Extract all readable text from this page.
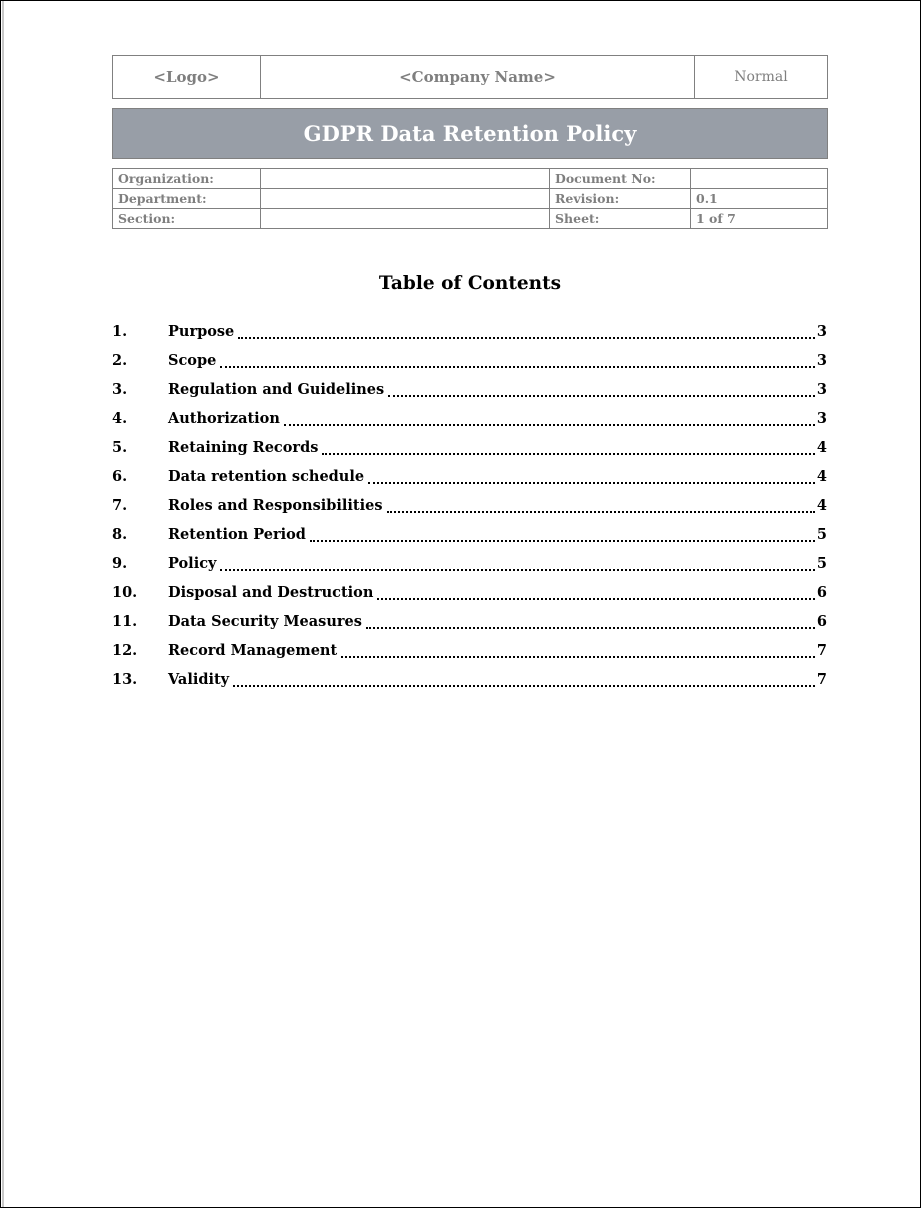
<Logo>	<Company Name>	Normal
GDPR Data Retention Policy
Organization:		Document No:	
Department:		Revision:	0.1
Section:		Sheet:	1 of 7
Table of Contents
1.	Purpose	3
2.	Scope	3
3.	Regulation and Guidelines	3
4.	Authorization	3
5.	Retaining Records	4
6.	Data retention schedule	4
7.	Roles and Responsibilities	4
8.	Retention Period	5
9.	Policy	5
10.	Disposal and Destruction	6
11.	Data Security Measures	6
12.	Record Management	7
13.	Validity	7
